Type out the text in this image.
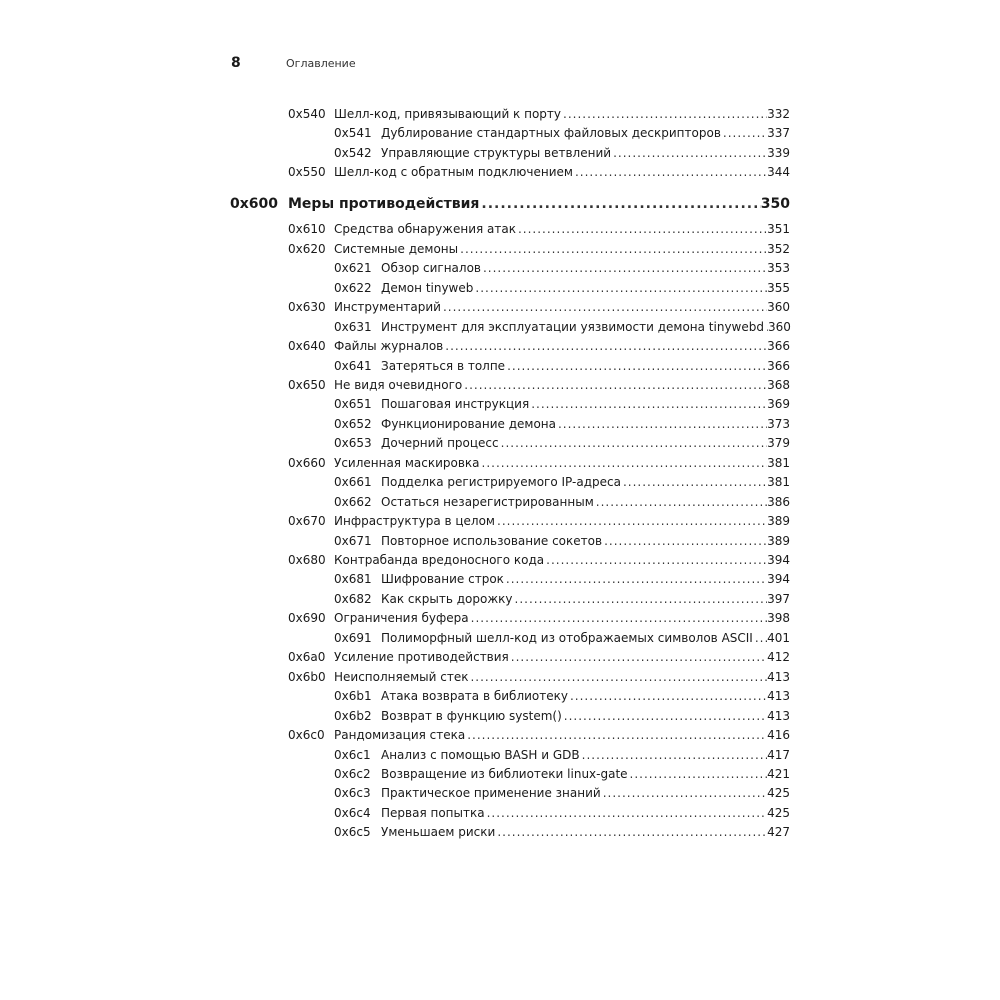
8	Оглавление
0x540 Шелл-код, привязывающий к порту .....	332
0x541 Дублирование стандартных файловых дескрипторов .....	337
0x542 Управляющие структуры ветвлений .....	339
0x550 Шелл-код с обратным подключением .....	344
0x600 Меры противодействия .....	350
0x610 Средства обнаружения атак .....	351
0x620 Системные демоны .....	352
0x621 Обзор сигналов .....	353
0x622 Демон tinyweb .....	355
0x630 Инструментарий .....	360
0x631 Инструмент для эксплуатации уязвимости демона tinywebd ..... 360
0x640 Файлы журналов .....	366
0x641 Затеряться в толпе .....	366
0x650 Не видя очевидного .....	368
0x651 Пошаговая инструкция .....	369
0x652 Функционирование демона .....	373
0x653 Дочерний процесс .....	379
0x660 Усиленная маскировка .....	381
0x661 Подделка регистрируемого IP-адреса .....	381
0x662 Остаться незарегистрированным .....	386
0x670 Инфраструктура в целом .....	389
0x671 Повторное использование сокетов .....	389
0x680 Контрабанда вредоносного кода .....	394
0x681 Шифрование строк .....	394
0x682 Как скрыть дорожку .....	397
0x690 Ограничения буфера .....	398
0x691 Полиморфный шелл-код из отображаемых символов ASCII ..... 401
0x6a0 Усиление противодействия .....	412
0x6b0 Неисполняемый стек .....	413
0x6b1 Атака возврата в библиотеку .....	413
0x6b2 Возврат в функцию system() .....	413
0x6c0 Рандомизация стека .....	416
0x6c1 Анализ с помощью BASH и GDB .....	417
0x6c2 Возвращение из библиотеки linux-gate .....	421
0x6c3 Практическое применение знаний .....	425
0x6c4 Первая попытка .....	425
0x6c5 Уменьшаем риски .....	427
